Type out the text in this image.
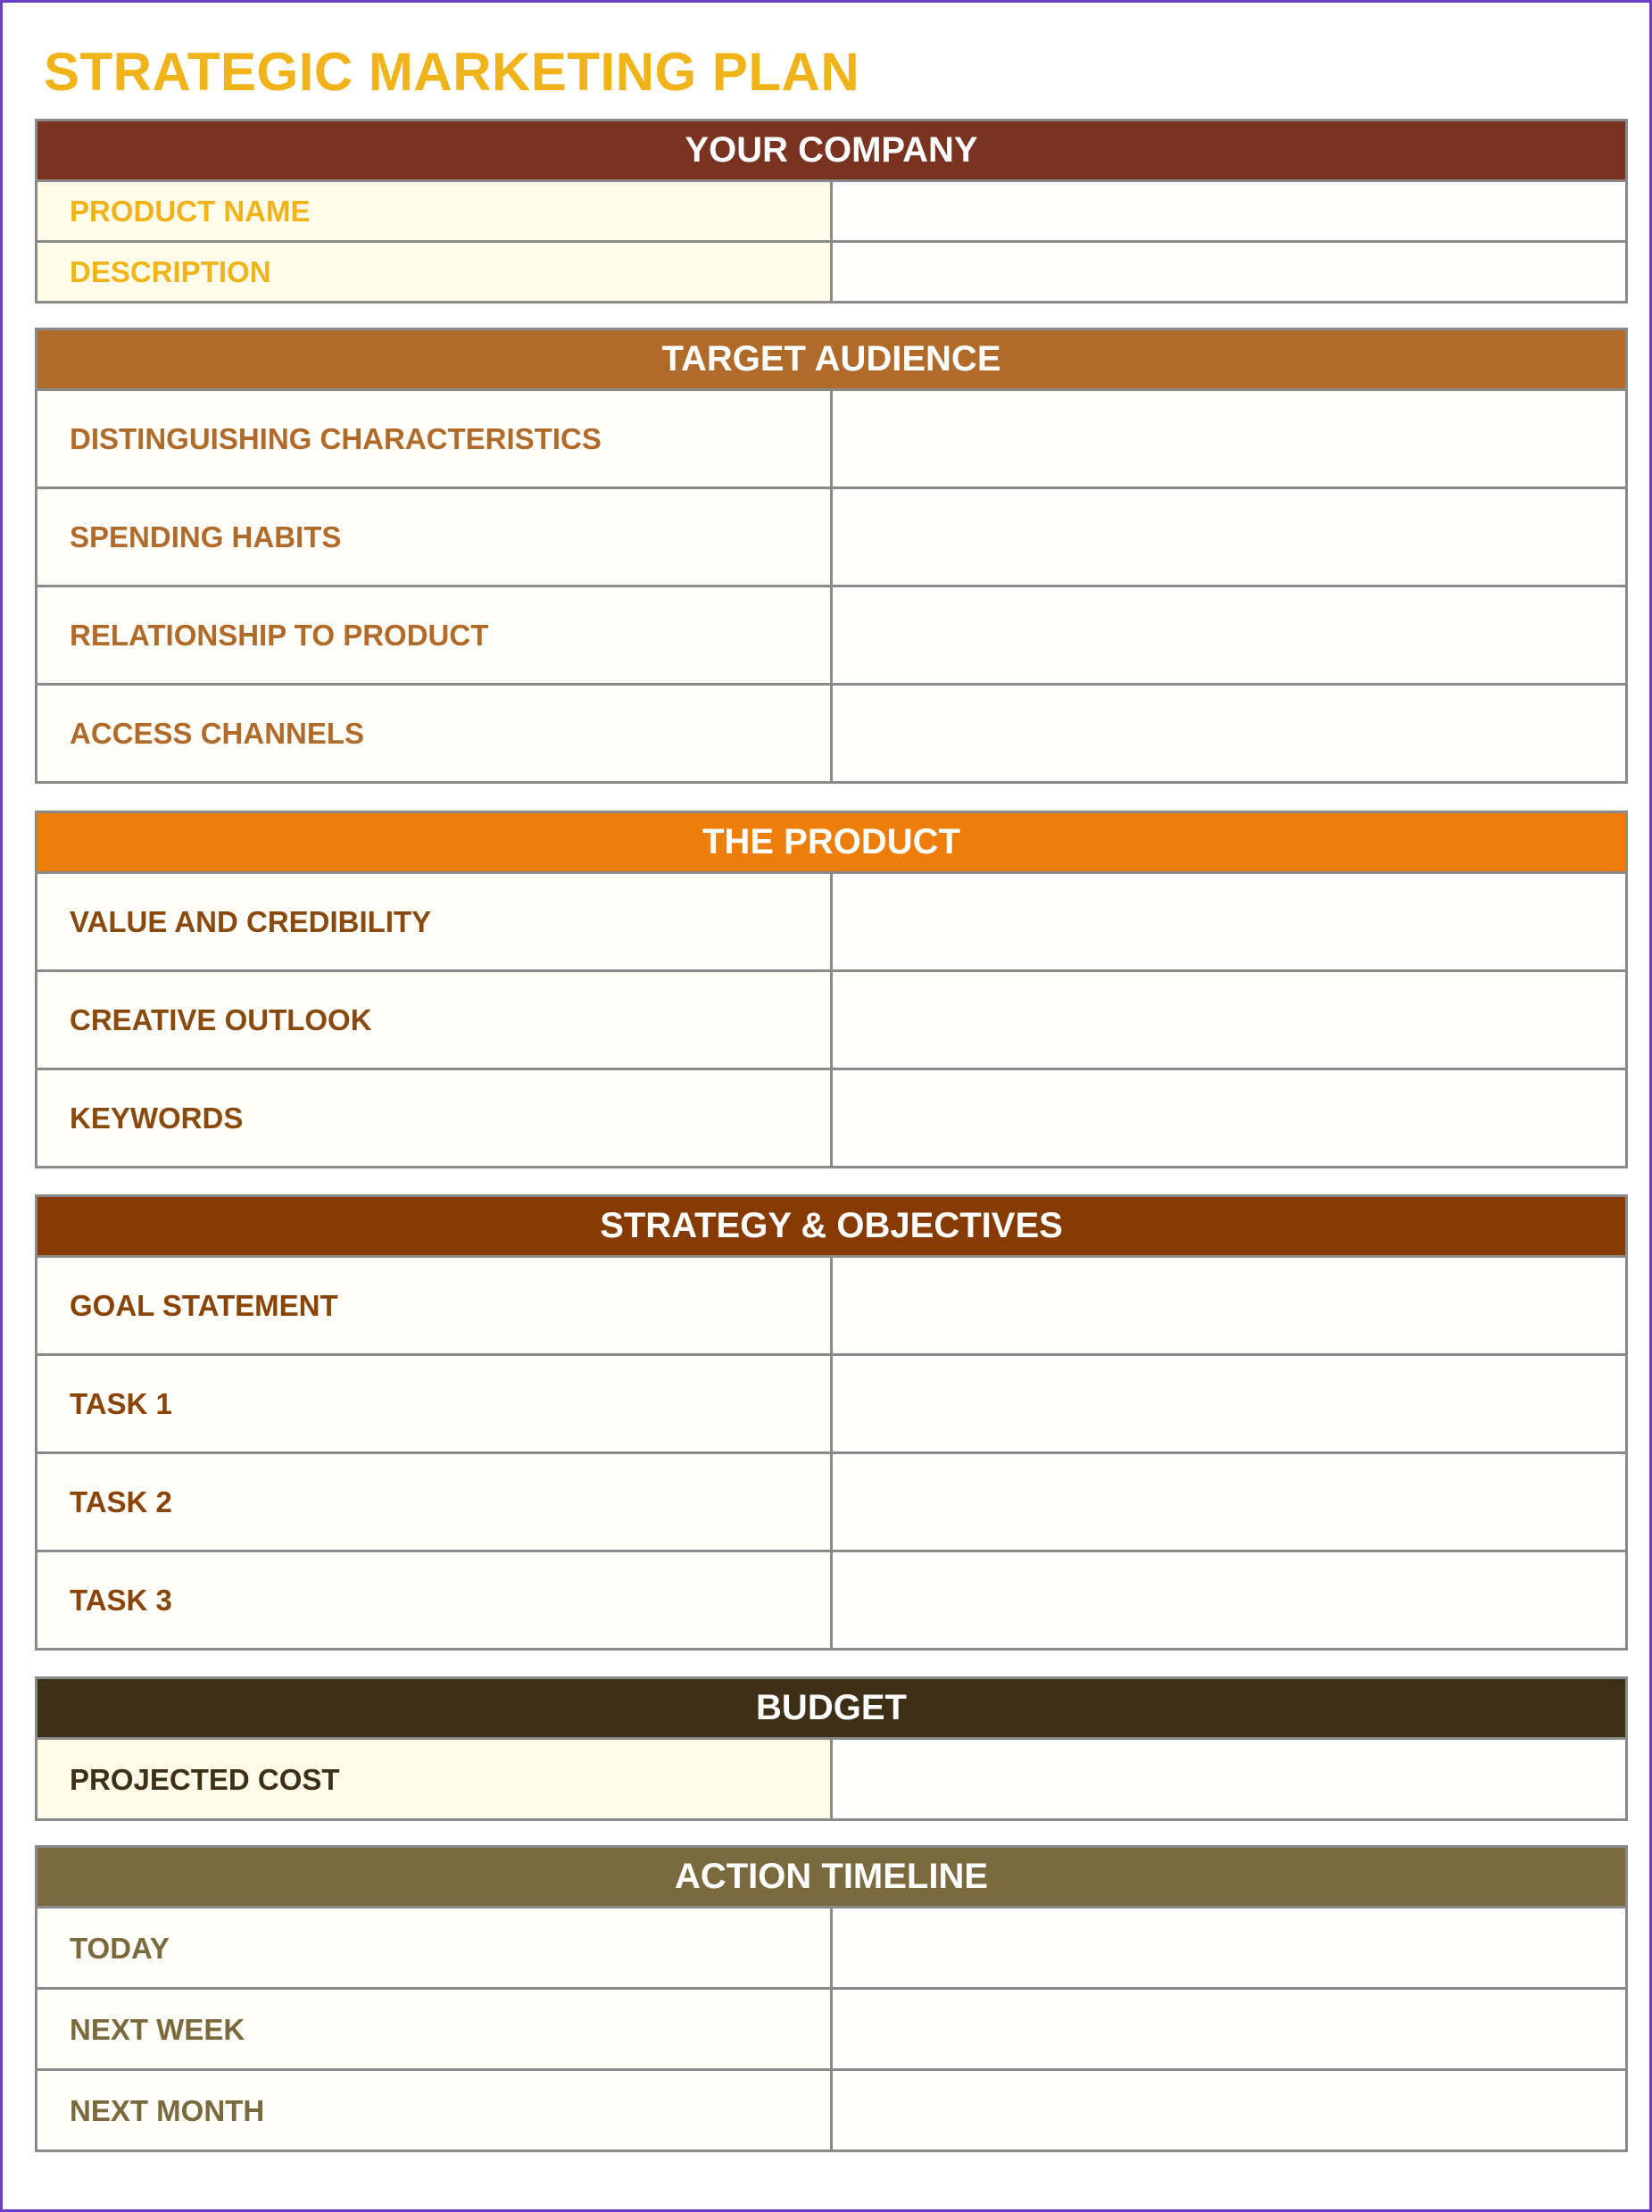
STRATEGIC MARKETING PLAN
YOUR COMPANY	
PRODUCT NAME	
DESCRIPTION	
TARGET AUDIENCE	
DISTINGUISHING CHARACTERISTICS	
SPENDING HABITS	
RELATIONSHIP TO PRODUCT	
ACCESS CHANNELS	
THE PRODUCT	
VALUE AND CREDIBILITY	
CREATIVE OUTLOOK	
KEYWORDS	
STRATEGY & OBJECTIVES	
GOAL STATEMENT	
TASK 1	
TASK 2	
TASK 3	
BUDGET
PROJECTED COST	
ACTION TIMELINE	
TODAY	
NEXT WEEK	
NEXT MONTH	
